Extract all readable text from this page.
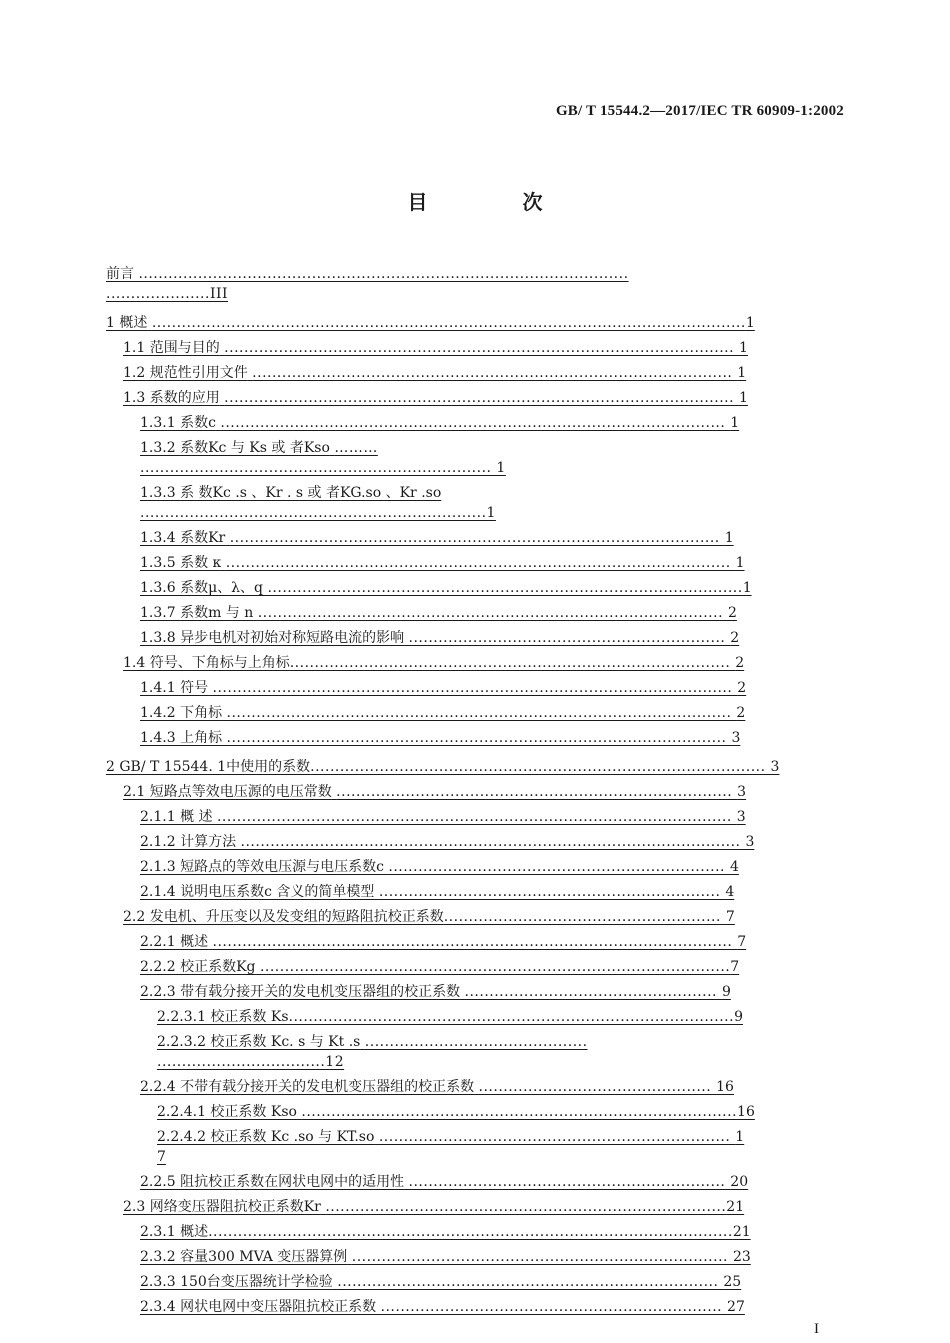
GB/ T 15544.2—2017/IEC TR 60909-1:2002
目 次
前言 ...................................................................................................
.....................III
1 概述 ........................................................................................................................1
1.1 范围与目的 ....................................................................................................... 1
1.2 规范性引用文件 ................................................................................................. 1
1.3 系数的应用 ....................................................................................................... 1
1.3.1 系数c ...................................................................................................... 1
1.3.2 系数Kc 与 Ks 或 者Kso ………
....................................................................... 1
1.3.3 系 数Kc .s 、Kr . s 或 者KG.so 、Kr .so
......................................................................1
1.3.4 系数Kr ................................................................................................... 1
1.3.5 系数 κ ...................................................................................................... 1
1.3.6 系数μ、λ、q ................................................................................................1
1.3.7 系数m 与 n .............................................................................................. 2
1.3.8 异步电机对初始对称短路电流的影响 ................................................................ 2
1.4 符号、下角标与上角标......................................................................................... 2
1.4.1 符号 ......................................................................................................... 2
1.4.2 下角标 ...................................................................................................... 2
1.4.3 上角标 ..................................................................................................... 3
2 GB/ T 15544. 1中使用的系数............................................................................................ 3
2.1 短路点等效电压源的电压常数 ................................................................................ 3
2.1.1 概 述 ........................................................................................................ 3
2.1.2 计算方法 ..................................................................................................... 3
2.1.3 短路点的等效电压源与电压系数c .................................................................... 4
2.1.4 说明电压系数c 含义的简单模型 ..................................................................... 4
2.2 发电机、升压变以及发变组的短路阻抗校正系数........................................................ 7
2.2.1 概述 ......................................................................................................... 7
2.2.2 校正系数Kg ...............................................................................................7
2.2.3 带有载分接开关的发电机变压器组的校正系数 ................................................... 9
2.2.3.1 校正系数 Ks..........................................................................................9
2.2.3.2 校正系数 Kc. s 与 Kt .s .............................................
..................................12
2.2.4 不带有载分接开关的发电机变压器组的校正系数 ............................................... 16
2.2.4.1 校正系数 Kso ........................................................................................16
2.2.4.2 校正系数 Kc .so 与 KT.so ....................................................................... 1
7
2.2.5 阻抗校正系数在网状电网中的适用性 ................................................................ 20
2.3 网络变压器阻抗校正系数Kr .................................................................................21
2.3.1 概述..........................................................................................................21
2.3.2 容量300 MVA 变压器算例 ............................................................................ 23
2.3.3 150台变压器统计学检验 ............................................................................. 25
2.3.4 网状电网中变压器阻抗校正系数 ..................................................................... 27
I
